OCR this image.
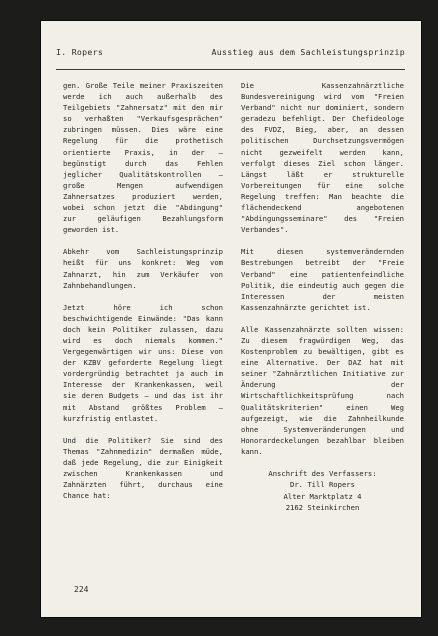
I. Ropers	Ausstieg aus dem Sachleistungsprinzip

gen. Große Teile meiner Praxiszeiten werde ich auch außerhalb des Teilgebiets "Zahnersatz" mit den mir so verhaßten "Verkaufsgesprächen" zubringen müssen. Dies wäre eine Regelung für die prothetisch orientierte Praxis, in der – begünstigt durch das Fehlen jeglicher Qualitätskontrollen – große Mengen aufwendigen Zahnersatzes produziert werden, wobei schon jetzt die "Abdingung" zur geläufigen Bezahlungsform geworden ist.

Abkehr vom Sachleistungsprinzip heißt für uns konkret: Weg vom Zahnarzt, hin zum Verkäufer von Zahnbehandlungen.

Jetzt höre ich schon beschwichtigende Einwände: "Das kann doch kein Politiker zulassen, dazu wird es doch niemals kommen." Vergegenwärtigen wir uns: Diese von der KZBV geforderte Regelung liegt vordergründig betrachtet ja auch im Interesse der Krankenkassen, weil sie deren Budgets – und das ist ihr mit Abstand größtes Problem – kurzfristig entlastet.

Und die Politiker? Sie sind des Themas "Zahnmedizin" dermaßen müde, daß jede Regelung, die zur Einigkeit zwischen Krankenkassen und Zahnärzten führt, durchaus eine Chance hat:

Die Kassenzahnärztliche Bundesvereinigung wird vom "Freien Verband" nicht nur dominiert, sondern geradezu befehligt. Der Chefideologe des FVDZ, Bieg, aber, an dessen politischen Durchsetzungsvermögen nicht gezweifelt werden kann, verfolgt dieses Ziel schon länger. Längst läßt er strukturelle Vorbereitungen für eine solche Regelung treffen: Man beachte die flächendeckend angebotenen "Abdingungsseminare" des "Freien Verbandes".

Mit diesen systemverändernden Bestrebungen betreibt der "Freie Verband" eine patientenfeindliche Politik, die eindeutig auch gegen die Interessen der meisten Kassenzahnärzte gerichtet ist.

Alle Kassenzahnärzte sollten wissen: Zu diesem fragwürdigen Weg, das Kostenproblem zu bewältigen, gibt es eine Alternative. Der DAZ hat mit seiner "Zahnärztlichen Initiative zur Änderung der Wirtschaftlichkeitsprüfung nach Qualitätskriterien" einen Weg aufgezeigt, wie die Zahnheilkunde ohne Systemveränderungen und Honorardeckelungen bezahlbar bleiben kann.

Anschrift des Verfassers:
Dr. Till Ropers
Alter Marktplatz 4
2162 Steinkirchen
224
